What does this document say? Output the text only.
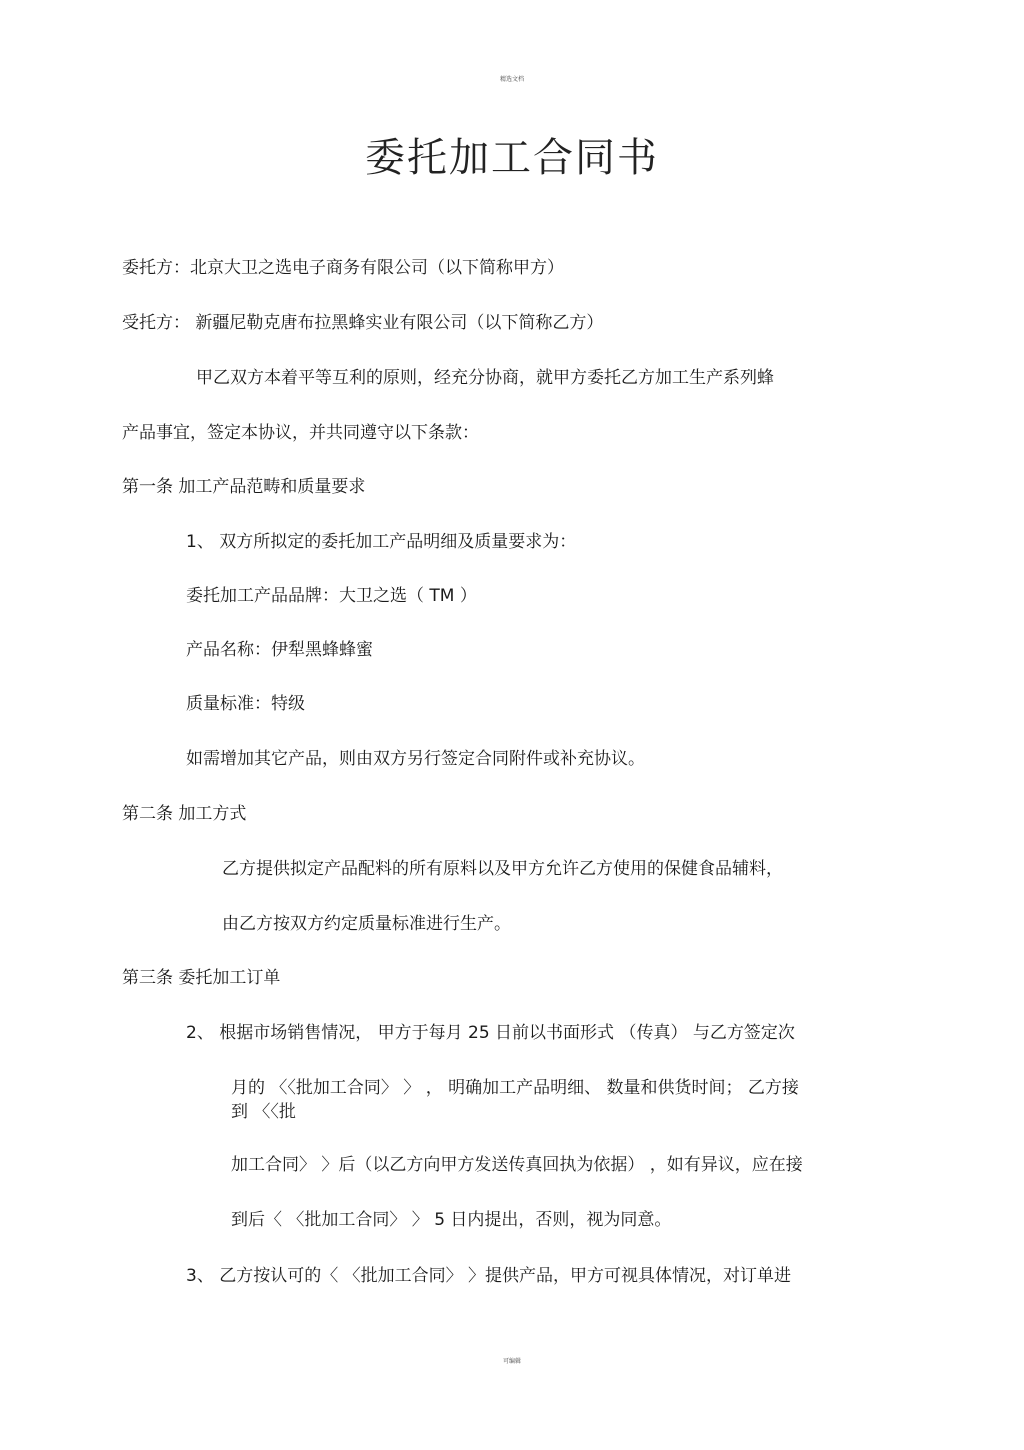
精选文档
委托加工合同书
委托方：北京大卫之选电子商务有限公司（以下简称甲方）
受托方： 新疆尼勒克唐布拉黑蜂实业有限公司（以下简称乙方）
甲乙双方本着平等互利的原则，经充分协商，就甲方委托乙方加工生产系列蜂
产品事宜，签定本协议，并共同遵守以下条款：
第一条 加工产品范畴和质量要求
1、 双方所拟定的委托加工产品明细及质量要求为：
委托加工产品品牌：大卫之选（ TM ）
产品名称：伊犁黑蜂蜂蜜
质量标准：特级
如需增加其它产品，则由双方另行签定合同附件或补充协议。
第二条 加工方式
乙方提供拟定产品配料的所有原料以及甲方允许乙方使用的保健食品辅料，
由乙方按双方约定质量标准进行生产。
第三条 委托加工订单
2、 根据市场销售情况， 甲方于每月 25 日前以书面形式 （传真） 与乙方签定次
月的 〈〈批加工合同〉 〉 ， 明确加工产品明细、 数量和供货时间； 乙方接
到 〈〈批
加工合同〉 〉后（以乙方向甲方发送传真回执为依据） ，如有异议，应在接
到后〈 〈批加工合同〉 〉 5 日内提出，否则，视为同意。
3、 乙方按认可的〈 〈批加工合同〉 〉提供产品，甲方可视具体情况，对订单进
可编辑
